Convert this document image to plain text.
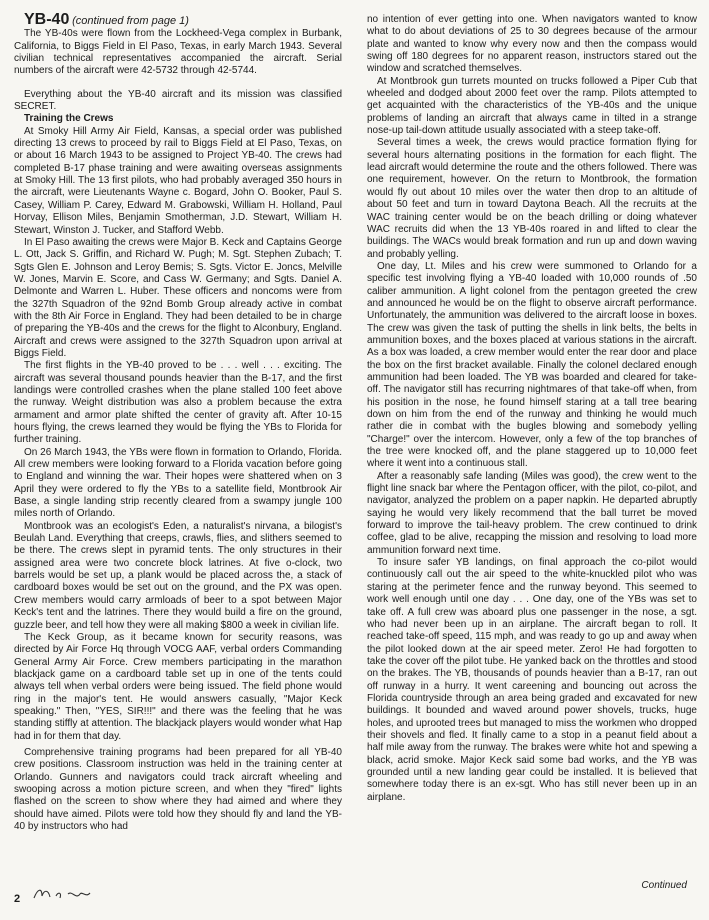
YB-40 (continued from page 1)

The YB-40s were flown from the Lockheed-Vega complex in Burbank, California, to Biggs Field in El Paso, Texas, in early March 1943. Several civilian technical representatives accompanied the aircraft. Serial numbers of the aircraft were 42-5732 through 42-5744.

Everything about the YB-40 aircraft and its mission was classified SECRET.

Training the Crews

At Smoky Hill Army Air Field, Kansas, a special order was published directing 13 crews to proceed by rail to Biggs Field at El Paso, Texas, on or about 16 March 1943 to be assigned to Project YB-40. The crews had completed B-17 phase training and were awaiting overseas assignments at Smoky Hill. The 13 first pilots, who had probably averaged 350 hours in the aircraft, were Lieutenants Wayne c. Bogard, John O. Booker, Paul S. Casey, William P. Carey, Edward M. Grabowski, William H. Holland, Paul Horvay, Ellison Miles, Benjamin Smotherman, J.D. Stewart, William H. Stewart, Winston J. Tucker, and Stafford Webb.

In El Paso awaiting the crews were Major B. Keck and Captains George L. Ott, Jack S. Griffin, and Richard W. Pugh; M. Sgt. Stephen Zubach; T. Sgts Glen E. Johnson and Leroy Bemis; S. Sgts. Victor E. Joncs, Melville W. Jones, Marvin E. Score, and Cass W. Germany; and Sgts. Daniel A. Delmonte and Warren L. Huber. These officers and noncoms were from the 327th Squadron of the 92nd Bomb Group already active in combat with the 8th Air Force in England. They had been detailed to be in charge of preparing the YB-40s and the crews for the flight to Alconbury, England. Aircraft and crews were assigned to the 327th Squadron upon arrival at Biggs Field.

The first flights in the YB-40 proved to be . . . well . . . exciting. The aircraft was several thousand pounds heavier than the B-17, and the first landings were controlled crashes when the plane stalled 100 feet above the runway. Weight distribution was also a problem because the extra armament and armor plate shifted the center of gravity aft. After 10-15 hours flying, the crews learned they would be flying the YBs to Florida for further training.

On 26 March 1943, the YBs were flown in formation to Orlando, Florida. All crew members were looking forward to a Florida vacation before going to England and winning the war. Their hopes were shattered when on 3 April they were ordered to fly the YBs to a satellite field, Montbrook Air Base, a single landing strip recently cleared from a swampy jungle 100 miles north of Orlando.

Montbrook was an ecologist's Eden, a naturalist's nirvana, a bilogist's Beulah Land. Everything that creeps, crawls, flies, and slithers seemed to be there. The crews slept in pyramid tents. The only structures in their assigned area were two concrete block latrines. At five o-clock, two barrels would be set up, a plank would be placed across the, a stack of cardboard boxes would be set out on the ground, and the PX was open. Crew members would carry armloads of beer to a spot between Major Keck's tent and the latrines. There they would build a fire on the ground, guzzle beer, and tell how they were all making $800 a week in civilian life.

The Keck Group, as it became known for security reasons, was directed by Air Force Hq through VOCG AAF, verbal orders Commanding General Army Air Force. Crew members participating in the marathon blackjack game on a cardboard table set up in one of the tents could always tell when verbal orders were being issued. The field phone would ring in the major's tent. He would answers casually, "Major Keck speaking." Then, "YES, SIR!!!" and there was the feeling that he was standing stiffly at attention. The blackjack players would wonder what Hap had in for them that day.

Comprehensive training programs had been prepared for all YB-40 crew positions. Classroom instruction was held in the training center at Orlando. Gunners and navigators could track aircraft wheeling and swooping across a motion picture screen, and when they "fired" lights flashed on the screen to show where they had aimed and where they should have aimed. Pilots were told how they should fly and land the YB-40 by instructors who had

no intention of ever getting into one. When navigators wanted to know what to do about deviations of 25 to 30 degrees because of the armour plate and wanted to know why every now and then the compass would swing off 180 degrees for no apparent reason, instructors stared out the window and scratched themselves.

At Montbrook gun turrets mounted on trucks followed a Piper Cub that wheeled and dodged about 2000 feet over the ramp. Pilots attempted to get acquainted with the characteristics of the YB-40s and the unique problems of landing an aircraft that always came in tilted in a strange nose-up tail-down attitude usually associated with a steep take-off.

Several times a week, the crews would practice formation flying for several hours alternating positions in the formation for each flight. The lead aircraft would determine the route and the others followed. There was one requirement, however. On the return to Montbrook, the formation would fly out about 10 miles over the water then drop to an altitude of about 50 feet and turn in toward Daytona Beach. All the recruits at the WAC training center would be on the beach drilling or doing whatever WAC recruits did when the 13 YB-40s roared in and lifted to clear the buildings. The WACs would break formation and run up and down waving and probably yelling.

One day, Lt. Miles and his crew were summoned to Orlando for a specific test involving flying a YB-40 loaded with 10,000 rounds of .50 caliber ammunition. A light colonel from the pentagon greeted the crew and announced he would be on the flight to observe aircraft performance. Unfortunately, the ammunition was delivered to the aircraft loose in boxes. The crew was given the task of putting the shells in link belts, the belts in ammunition boxes, and the boxes placed at various stations in the aircraft. As a box was loaded, a crew member would enter the rear door and place the box on the first bracket available. Finally the colonel declared enough ammunition had been loaded. The YB was boarded and cleared for take-off. The navigator still has recurring nightmares of that take-off when, from his position in the nose, he found himself staring at a tall tree bearing down on him from the end of the runway and thinking he would much rather die in combat with the bugles blowing and somebody yelling "Charge!" over the intercom. However, only a few of the top branches of the tree were knocked off, and the plane staggered up to 10,000 feet where it went into a continuous stall.

After a reasonably safe landing (Miles was good), the crew went to the flight line snack bar where the Pentagon officer, with the pilot, co-pilot, and navigator, analyzed the problem on a paper napkin. He departed abruptly saying he would very likely recommend that the ball turret be moved forward to improve the tail-heavy problem. The crew continued to drink coffee, glad to be alive, recapping the mission and resolving to load more ammunition forward next time.

To insure safer YB landings, on final approach the co-pilot would continuously call out the air speed to the white-knuckled pilot who was staring at the perimeter fence and the runway beyond. This seemed to work well enough until one day . . . One day, one of the YBs was set to take off. A full crew was aboard plus one passenger in the nose, a sgt. who had never been up in an airplane. The aircraft began to roll. It reached take-off speed, 115 mph, and was ready to go up and away when the pilot looked down at the air speed meter. Zero! He had forgotten to take the cover off the pilot tube. He yanked back on the throttles and stood on the brakes. The YB, thousands of pounds heavier than a B-17, ran out off runway in a hurry. It went careening and bouncing out across the Florida countryside through an area being graded and excavated for new buildings. It bounded and waved around power shovels, trucks, huge holes, and uprooted trees but managed to miss the workmen who dropped their shovels and fled. It finally came to a stop in a peanut field about a half mile away from the runway. The brakes were white hot and spewing a black, acrid smoke. Major Keck said some bad works, and the YB was grounded until a new landing gear could be installed. It is believed that somewhere today there is an ex-sgt. Who has still never been up in an airplane.

Continued
2
